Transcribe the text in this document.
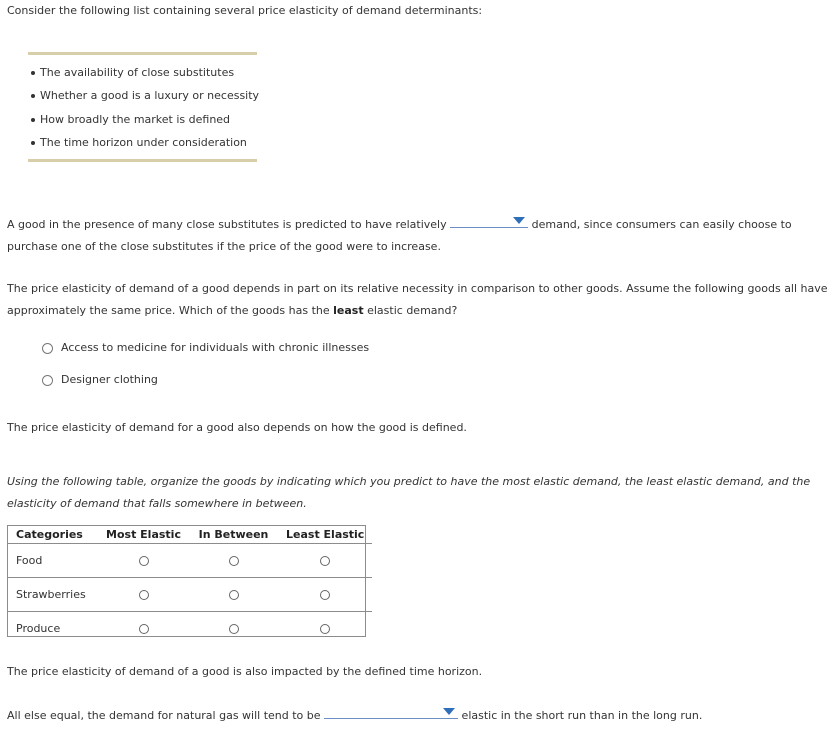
Consider the following list containing several price elasticity of demand determinants:

The availability of close substitutes
Whether a good is a luxury or necessity
How broadly the market is defined
The time horizon under consideration
A good in the presence of many close substitutes is predicted to have relatively	demand, since consumers can easily choose to purchase one of the close substitutes if the price of the good were to increase.
The price elasticity of demand of a good depends in part on its relative necessity in comparison to other goods. Assume the following goods all have approximately the same price. Which of the goods has the least elastic demand?
Access to medicine for individuals with chronic illnesses
Designer clothing

The price elasticity of demand for a good also depends on how the good is defined.

Using the following table, organize the goods by indicating which you predict to have the most elastic demand, the least elastic demand, and the elasticity of demand that falls somewhere in between.
Categories	Most Elastic	In Between	Least Elastic
Food			
Strawberries			
Produce			

The price elasticity of demand of a good is also impacted by the defined time horizon.

All else equal, the demand for natural gas will tend to be	elastic in the short run than in the long run.
